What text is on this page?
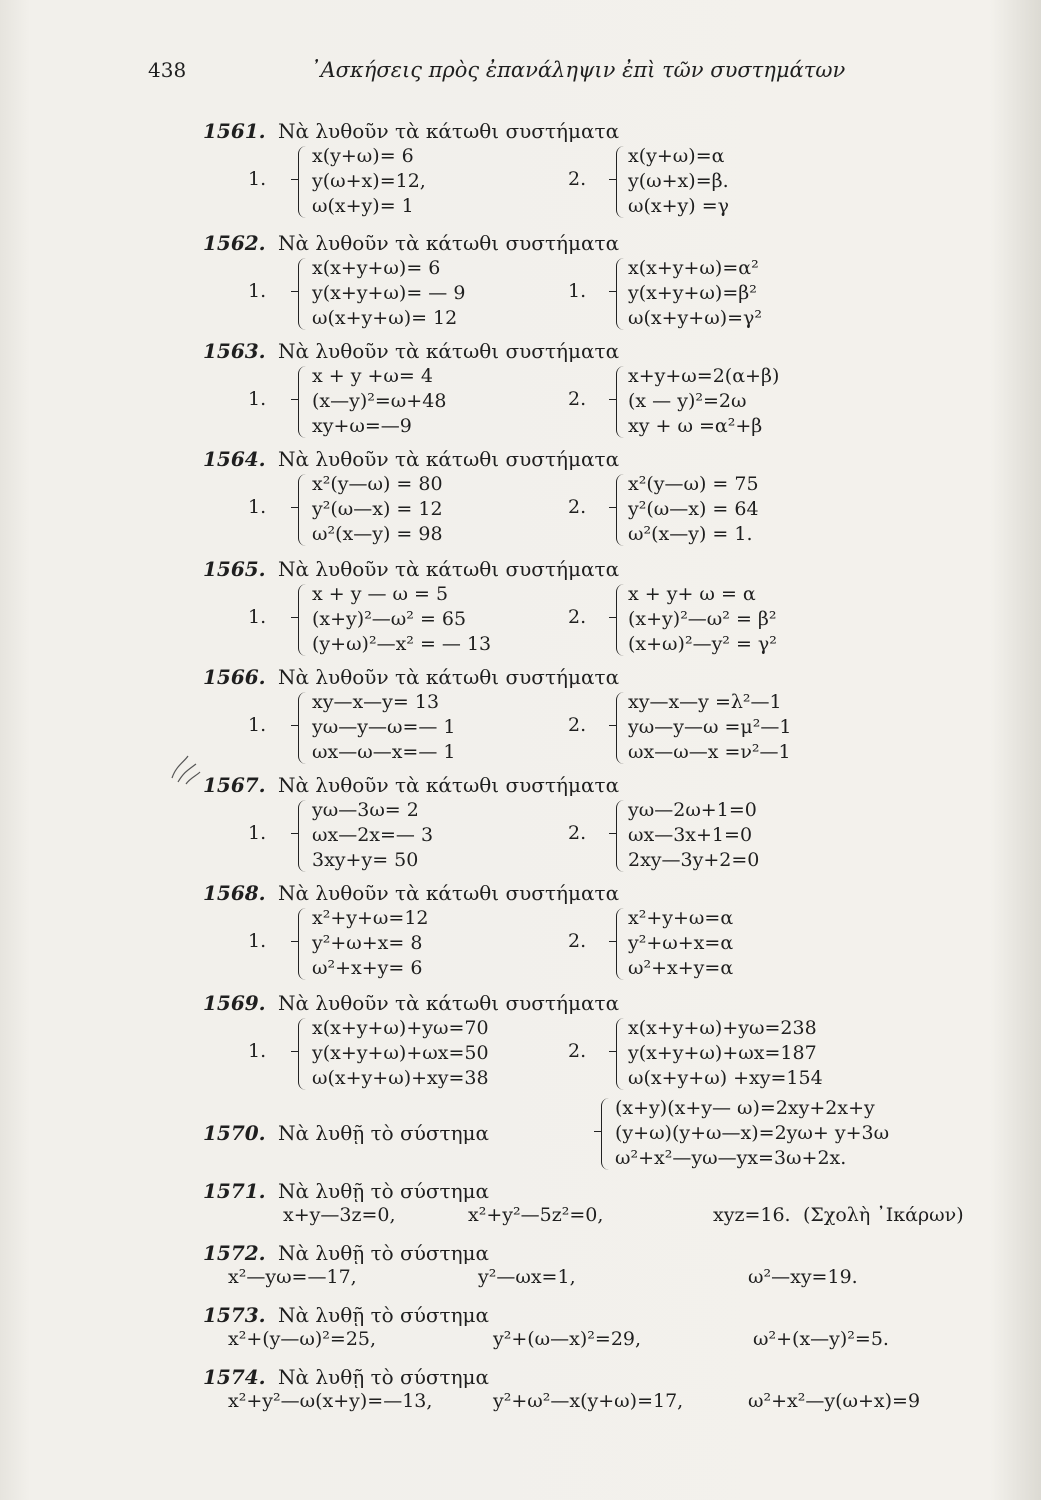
438	᾿Ασκήσεις πρὸς ἐπανάληψιν ἐπὶ τῶν συστημάτων
1561. Νὰ λυθοῦν τὰ κάτωθι συστήματα
1.
x(y+ω)= 6
y(ω+x)=12,
ω(x+y)= 1
2.
x(y+ω)=α
y(ω+x)=β.
ω(x+y) =γ
1562. Νὰ λυθοῦν τὰ κάτωθι συστήματα
1.
x(x+y+ω)= 6
y(x+y+ω)= — 9
ω(x+y+ω)= 12
1.
x(x+y+ω)=α²
y(x+y+ω)=β²
ω(x+y+ω)=γ²
1563. Νὰ λυθοῦν τὰ κάτωθι συστήματα
1.
x + y +ω= 4
(x—y)²=ω+48
xy+ω=—9
2.
x+y+ω=2(α+β)
(x — y)²=2ω
xy + ω =α²+β
1564. Νὰ λυθοῦν τὰ κάτωθι συστήματα
1.
x²(y—ω) = 80
y²(ω—x) = 12
ω²(x—y) = 98
2.
x²(y—ω) = 75
y²(ω—x) = 64
ω²(x—y) = 1.
1565. Νὰ λυθοῦν τὰ κάτωθι συστήματα
1.
x + y — ω = 5
(x+y)²—ω² = 65
(y+ω)²—x² = — 13
2.
x + y+ ω = α
(x+y)²—ω² = β²
(x+ω)²—y² = γ²
1566. Νὰ λυθοῦν τὰ κάτωθι συστήματα
1.
xy—x—y= 13
yω—y—ω=— 1
ωx—ω—x=— 1
2.
xy—x—y =λ²—1
yω—y—ω =μ²—1
ωx—ω—x =ν²—1
1567. Νὰ λυθοῦν τὰ κάτωθι συστήματα
1.
yω—3ω= 2
ωx—2x=— 3
3xy+y= 50
2.
yω—2ω+1=0
ωx—3x+1=0
2xy—3y+2=0
1568. Νὰ λυθοῦν τὰ κάτωθι συστήματα
1.
x²+y+ω=12
y²+ω+x= 8
ω²+x+y= 6
2.
x²+y+ω=α
y²+ω+x=α
ω²+x+y=α
1569. Νὰ λυθοῦν τὰ κάτωθι συστήματα
1.
x(x+y+ω)+yω=70
y(x+y+ω)+ωx=50
ω(x+y+ω)+xy=38
2.
x(x+y+ω)+yω=238
y(x+y+ω)+ωx=187
ω(x+y+ω) +xy=154
1571. Νὰ λυθῇ τὸ σύστημα
x+y—3z=0,	x²+y²—5z²=0,	xyz=16. (Σχολὴ ᾿Ικάρων)
1572. Νὰ λυθῇ τὸ σύστημα
x²—yω=—17,	y²—ωx=1,	ω²—xy=19.
1573. Νὰ λυθῇ τὸ σύστημα
x²+(y—ω)²=25,	y²+(ω—x)²=29,	ω²+(x—y)²=5.
1574. Νὰ λυθῇ τὸ σύστημα
x²+y²—ω(x+y)=—13,	y²+ω²—x(y+ω)=17,	ω²+x²—y(ω+x)=9
1570. Νὰ λυθῇ τὸ σύστημα
(x+y)(x+y— ω)=2xy+2x+y
(y+ω)(y+ω—x)=2yω+ y+3ω
ω²+x²—yω—yx=3ω+2x.
